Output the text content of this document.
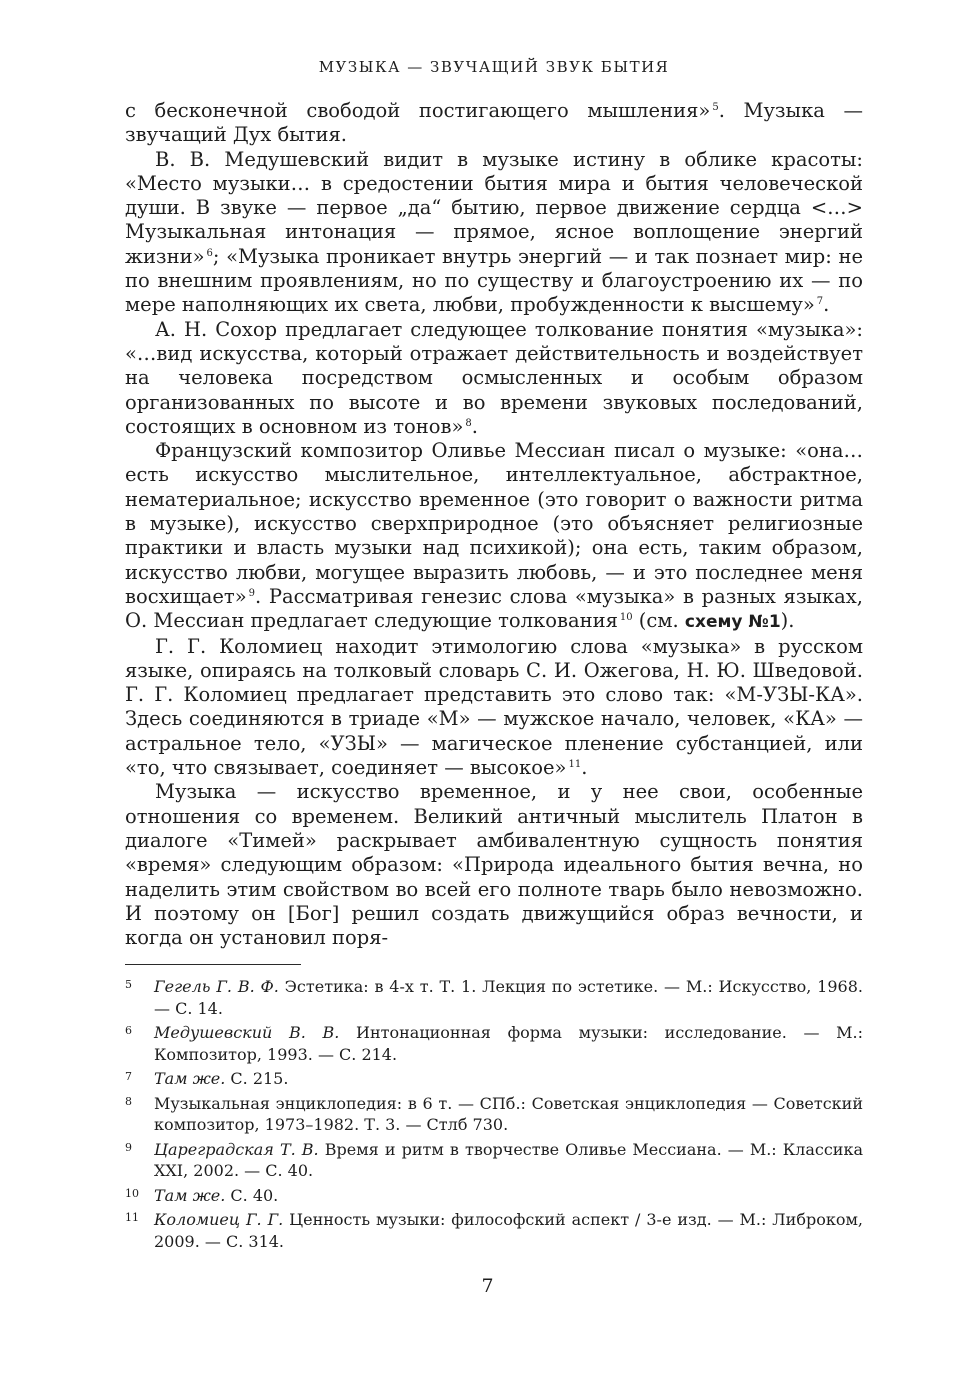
МУЗЫКА — ЗВУЧАЩИЙ ЗВУК БЫТИЯ

с бесконечной свободой постигающего мышления» $^5$. Музыка — звучащий Дух бытия.

В. В. Медушевский видит в музыке истину в облике красоты: «Место музыки… в средостении бытия мира и бытия человеческой души. В звуке — первое „да“ бытию, первое движение сердца <…> Музыкальная интонация — прямое, ясное воплощение энергий жизни» $^6$; «Музыка проникает внутрь энергий — и так познает мир: не по внешним проявлениям, но по существу и благоустроению их — по мере наполняющих их света, любви, пробужденности к высшему» $^7$.

А. Н. Сохор предлагает следующее толкование понятия «музыка»: «…вид искусства, который отражает действительность и воздействует на человека посредством осмысленных и особым образом организованных по высоте и во времени звуковых последований, состоящих в основном из тонов» $^8$.

Французский композитор Оливье Мессиан писал о музыке: «она… есть искусство мыслительное, интеллектуальное, абстрактное, нематериальное; искусство временное (это говорит о важности ритма в музыке), искусство сверхприродное (это объясняет религиозные практики и власть музыки над психикой); она есть, таким образом, искусство любви, могущее выразить любовь, — и это последнее меня восхищает» $^9$. Рассматривая генезис слова «музыка» в разных языках, О. Мессиан предлагает следующие толкования $^{10}$ (см. схему №1).

Г. Г. Коломиец находит этимологию слова «музыка» в русском языке, опираясь на толковый словарь С. И. Ожегова, Н. Ю. Шведовой. Г. Г. Коломиец предлагает представить это слово так: «М-УЗЫ-КА». Здесь соединяются в триаде «М» — мужское начало, человек, «КА» — астральное тело, «УЗЫ» — магическое пленение субстанцией, или «то, что связывает, соединяет — высокое» $^{11}$.

Музыка — искусство временное, и у нее свои, особенные отношения со временем. Великий античный мыслитель Платон в диалоге «Тимей» раскрывает амбивалентную сущность понятия «время» следующим образом: «Природа идеального бытия вечна, но наделить этим свойством во всей его полноте тварь было невозможно. И поэтому он [Бог] решил создать движущийся образ вечности, и когда он установил поря-

5 Гегель Г. В. Ф. Эстетика: в 4-х т. Т. 1. Лекция по эстетике. — М.: Искусство, 1968. — С. 14.
6 Медушевский В. В. Интонационная форма музыки: исследование. — М.: Композитор, 1993. — С. 214.
7 Там же. С. 215.
8 Музыкальная энциклопедия: в 6 т. — СПб.: Советская энциклопедия — Советский композитор, 1973–1982. Т. 3. — Стлб 730.
9 Цареградская Т. В. Время и ритм в творчестве Оливье Мессиана. — М.: Классика XXI, 2002. — С. 40.
10 Там же. С. 40.
11 Коломиец Г. Г. Ценность музыки: философский аспект / 3-е изд. — М.: Либроком, 2009. — С. 314.
7
